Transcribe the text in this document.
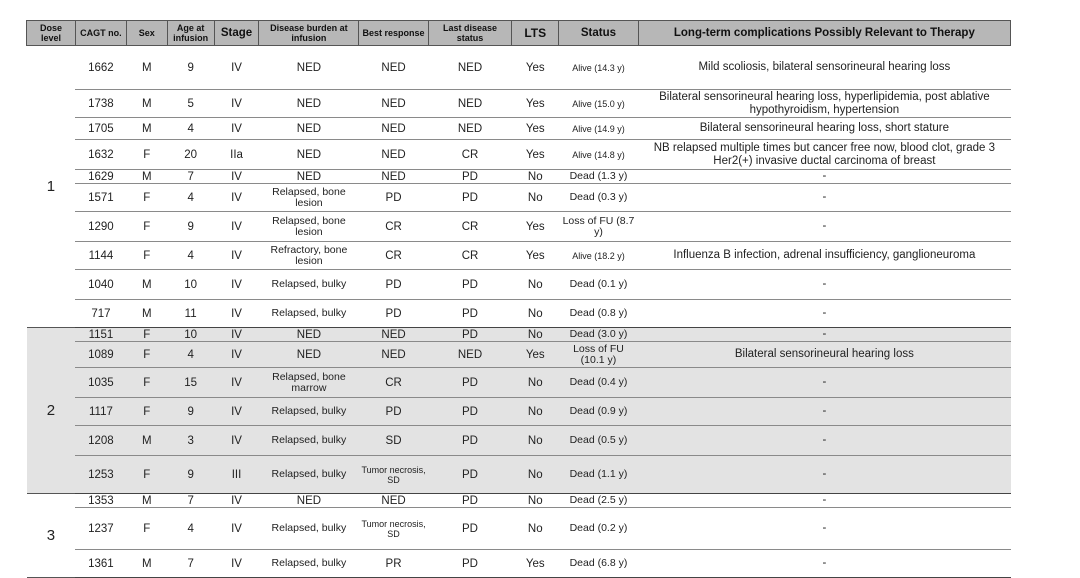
Dose level	CAGT no.	Sex	Age at infusion	Stage	Disease burden at infusion	Best response	Last disease status	LTS	Status	Long-term complications Possibly Relevant to Therapy
1	1662	M	9	IV	NED	NED	NED	Yes	Alive (14.3 y)	Mild scoliosis, bilateral sensorineural hearing loss
	1738	M	5	IV	NED	NED	NED	Yes	Alive (15.0 y)	Bilateral sensorineural hearing loss, hyperlipidemia, post ablative hypothyroidism, hypertension
	1705	M	4	IV	NED	NED	NED	Yes	Alive (14.9 y)	Bilateral sensorineural hearing loss, short stature
	1632	F	20	IIa	NED	NED	CR	Yes	Alive (14.8 y)	NB relapsed multiple times but cancer free now, blood clot, grade 3 Her2(+) invasive ductal carcinoma of breast
	1629	M	7	IV	NED	NED	PD	No	Dead (1.3 y)	-
	1571	F	4	IV	Relapsed, bone lesion	PD	PD	No	Dead (0.3 y)	-
	1290	F	9	IV	Relapsed, bone lesion	CR	CR	Yes	Loss of FU (8.7 y)	-
	1144	F	4	IV	Refractory, bone lesion	CR	CR	Yes	Alive (18.2 y)	Influenza B infection, adrenal insufficiency, ganglioneuroma
	1040	M	10	IV	Relapsed, bulky	PD	PD	No	Dead (0.1 y)	-
	717	M	11	IV	Relapsed, bulky	PD	PD	No	Dead (0.8 y)	-
2	1151	F	10	IV	NED	NED	PD	No	Dead (3.0 y)	-
	1089	F	4	IV	NED	NED	NED	Yes	Loss of FU (10.1 y)	Bilateral sensorineural hearing loss
	1035	F	15	IV	Relapsed, bone marrow	CR	PD	No	Dead (0.4 y)	-
	1117	F	9	IV	Relapsed, bulky	PD	PD	No	Dead (0.9 y)	-
	1208	M	3	IV	Relapsed, bulky	SD	PD	No	Dead (0.5 y)	-
	1253	F	9	III	Relapsed, bulky	Tumor necrosis, SD	PD	No	Dead (1.1 y)	-
3	1353	M	7	IV	NED	NED	PD	No	Dead (2.5 y)	-
	1237	F	4	IV	Relapsed, bulky	Tumor necrosis, SD	PD	No	Dead (0.2 y)	-
	1361	M	7	IV	Relapsed, bulky	PR	PD	Yes	Dead (6.8 y)	-
